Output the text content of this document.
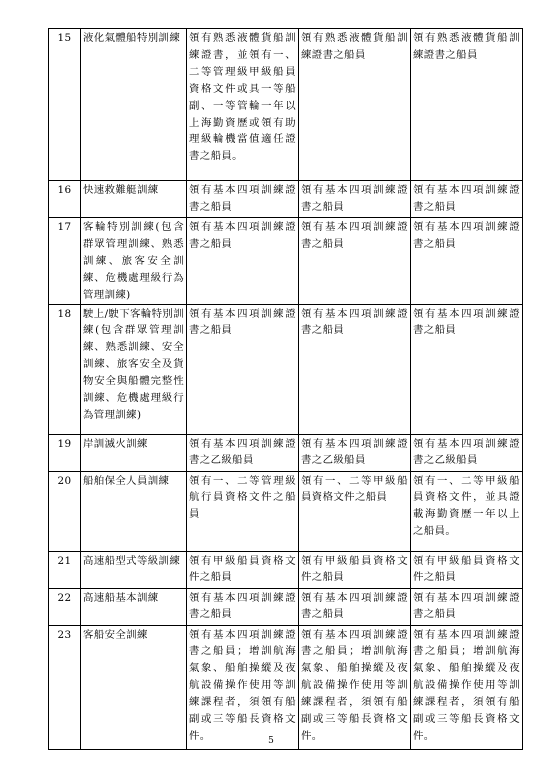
15	液化氣體船特別訓練	領有熟悉液體貨船訓練證書，並領有一、二等管理級甲級船員資格文件或具一等船副、一等管輪一年以上海勤資歷或領有助理級輪機當值適任證書之船員。	領有熟悉液體貨船訓練證書之船員	領有熟悉液體貨船訓練證書之船員
16	快速救難艇訓練	領有基本四項訓練證書之船員	領有基本四項訓練證書之船員	領有基本四項訓練證書之船員
17	客輪特別訓練(包含群眾管理訓練、熟悉訓練、旅客安全訓練、危機處理級行為管理訓練)	領有基本四項訓練證書之船員	領有基本四項訓練證書之船員	領有基本四項訓練證書之船員
18	駛上/駛下客輪特別訓練(包含群眾管理訓練、熟悉訓練、安全訓練、旅客安全及貨物安全與船體完整性訓練、危機處理級行為管理訓練)	領有基本四項訓練證書之船員	領有基本四項訓練證書之船員	領有基本四項訓練證書之船員
19	岸訓滅火訓練	領有基本四項訓練證書之乙級船員	領有基本四項訓練證書之乙級船員	領有基本四項訓練證書之乙級船員
20	船舶保全人員訓練	領有一、二等管理級航行員資格文件之船員	領有一、二等甲級船員資格文件之船員	領有一、二等甲級船員資格文件，並具證載海勤資歷一年以上之船員。
21	高速船型式等級訓練	領有甲級船員資格文件之船員	領有甲級船員資格文件之船員	領有甲級船員資格文件之船員
22	高速船基本訓練	領有基本四項訓練證書之船員	領有基本四項訓練證書之船員	領有基本四項訓練證書之船員
23	客船安全訓練	領有基本四項訓練證書之船員；增訓航海氣象、船舶操縱及夜航設備操作使用等訓練課程者，須領有船副或三等船長資格文件。	領有基本四項訓練證書之船員；增訓航海氣象、船舶操縱及夜航設備操作使用等訓練課程者，須領有船副或三等船長資格文件。	領有基本四項訓練證書之船員；增訓航海氣象、船舶操縱及夜航設備操作使用等訓練課程者，須領有船副或三等船長資格文件。
5
